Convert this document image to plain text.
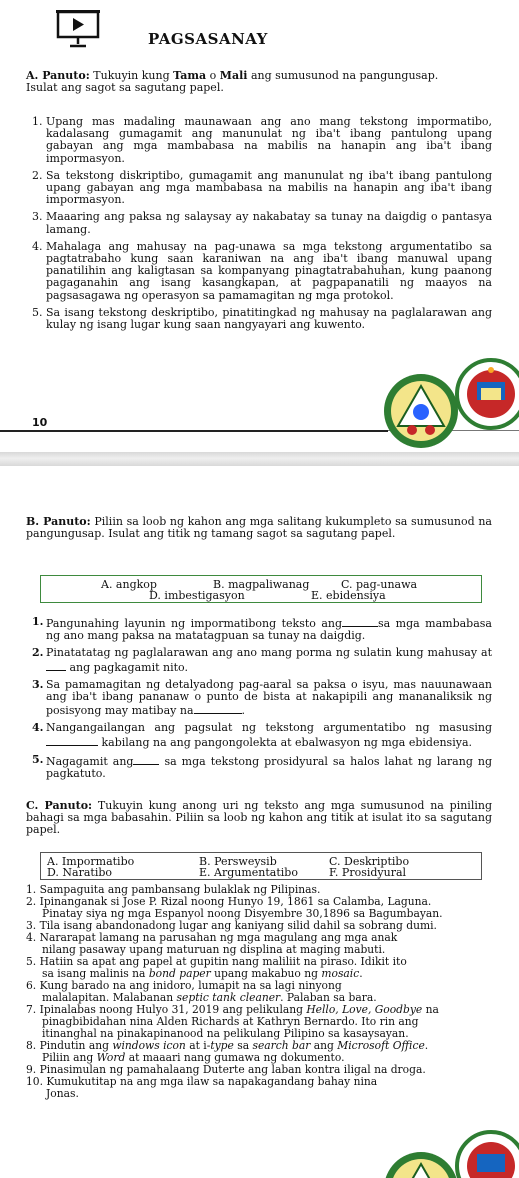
PAGSASANAY
A. Panuto: Tukuyin kung Tama o Mali ang sumusunod na pangungusap.
Isulat ang sagot sa sagutang papel.
1. Upang mas madaling maunawaan ang ano mang tekstong impormatibo, kadalasang gumagamit ang manunulat ng iba't ibang pantulong upang gabayan ang mga mambabasa na mabilis na hanapin ang iba't ibang impormasyon.
2. Sa tekstong diskriptibo, gumagamit ang manunulat ng iba't ibang pantulong upang gabayan ang mga mambabasa na mabilis na hanapin ang iba't ibang impormasyon.
3. Maaaring ang paksa ng salaysay ay nakabatay sa tunay na daigdig o pantasya lamang.
4. Mahalaga ang mahusay na pag-unawa sa mga tekstong argumentatibo sa pagtatrabaho kung saan karaniwan na ang iba't ibang manuwal upang panatilihin ang kaligtasan sa kompanyang pinagtatrabahuhan, kung paanong pagaganahin ang isang kasangkapan, at pagpapanatili ng maayos na pagsasagawa ng operasyon sa pamamagitan ng mga protokol.
5. Sa isang tekstong deskriptibo, pinatitingkad ng mahusay na paglalarawan ang kulay ng isang lugar kung saan nangyayari ang kuwento.
10
B. Panuto: Piliin sa loob ng kahon ang mga salitang kukumpleto sa sumusunod na pangungusap. Isulat ang titik ng tamang sagot sa sagutang papel.
A. angkop	B. magpaliwanag	C. pag-unawa
D. imbestigasyon	E. ebidensiya
1. Pangunahing layunin ng impormatibong teksto ang	sa mga mambabasa ng ano mang paksa na matatagpuan sa tunay na daigdig.
2. Pinatatatag ng paglalarawan ang ano mang porma ng sulatin kung mahusay at ang pagkagamit nito.
3. Sa pamamagitan ng detalyadong pag-aaral sa paksa o isyu, mas nauunawaan ang iba't ibang pananaw o punto de bista at nakapipili ang mananaliksik ng posisyong may matibay na	.
4. Nangangailangan ang pagsulat ng tekstong argumentatibo ng masusing kabilang na ang pangongolekta at ebalwasyon ng mga ebidensiya.
5. Nagagamit ang	sa mga tekstong prosidyural sa halos lahat ng larang ng pagkatuto.
C. Panuto: Tukuyin kung anong uri ng teksto ang mga sumusunod na piniling bahagi sa mga babasahin. Piliin sa loob ng kahon ang titik at isulat ito sa sagutang papel.
A. Impormatibo	B. Persweysib	C. Deskriptibo
D. Naratibo	E. Argumentatibo	F. Prosidyural
1. Sampaguita ang pambansang bulaklak ng Pilipinas.
2. Ipinanganak si Jose P. Rizal noong Hunyo 19, 1861 sa Calamba, Laguna.
Pinatay siya ng mga Espanyol noong Disyembre 30,1896 sa Bagumbayan.
3. Tila isang abandonadong lugar ang kaniyang silid dahil sa sobrang dumi.
4. Nararapat lamang na parusahan ng mga magulang ang mga anak
nilang pasaway upang maturuan ng displina at maging mabuti.
5. Hatiin sa apat ang papel at gupitin nang maliliit na piraso. Idikit ito
sa isang malinis na bond paper upang makabuo ng mosaic.
6. Kung barado na ang inidoro, lumapit na sa lagi ninyong
malalapitan. Malabanan septic tank cleaner. Palaban sa bara.
7. Ipinalabas noong Hulyo 31, 2019 ang pelikulang Hello, Love, Goodbye na
pinagbibidahan nina Alden Richards at Kathryn Bernardo. Ito rin ang
itinanghal na pinakapinanood na pelikulang Pilipino sa kasaysayan.
8. Pindutin ang windows icon at i-type sa search bar ang Microsoft Office.
Piliin ang Word at maaari nang gumawa ng dokumento.
9. Pinasimulan ng pamahalaang Duterte ang laban kontra iligal na droga.
10. Kumukutitap na ang mga ilaw sa napakagandang bahay nina
Jonas.
